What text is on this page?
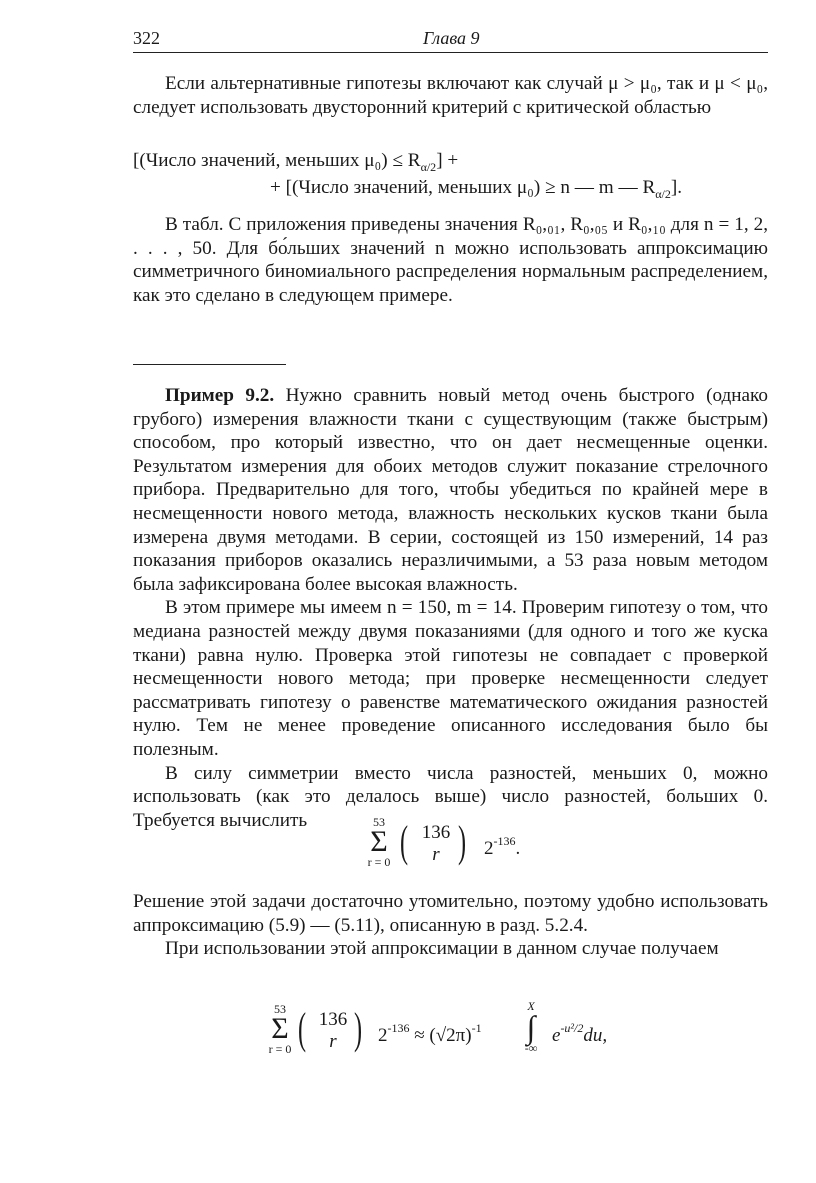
322	Глава 9

Если альтернативные гипотезы включают как случай μ > μ₀, так и μ < μ₀, следует использовать двусторонний критерий с критической областью

[(Число значений, меньших $\mu_0) \le R_{\alpha/2}$] +
+ [(Число значений, меньших μ₀) ≥ n — m — $R_{\alpha/2}$].

В табл. С приложения приведены значения R₀,₀₁, R₀,₀₅ и R₀,₁₀ для n = 1, 2, . . . , 50. Для бо́льших значений n можно использовать аппроксимацию симметричного биномиального распределения нормальным распределением, как это сделано в следующем примере.

Пример 9.2. Нужно сравнить новый метод очень быстрого (однако грубого) измерения влажности ткани с существующим (также быстрым) способом, про который известно, что он дает несмещенные оценки. Результатом измерения для обоих методов служит показание стрелочного прибора. Предварительно для того, чтобы убедиться по крайней мере в несмещенности нового метода, влажность нескольких кусков ткани была измерена двумя методами. В серии, состоящей из 150 измерений, 14 раз показания приборов оказались неразличимыми, а 53 раза новым методом была зафиксирована более высокая влажность.

В этом примере мы имеем n = 150, m = 14. Проверим гипотезу о том, что медиана разностей между двумя показаниями (для одного и того же куска ткани) равна нулю. Проверка этой гипотезы не совпадает с проверкой несмещенности нового метода; при проверке несмещенности следует рассматривать гипотезу о равенстве математического ожидания разностей нулю. Тем не менее проведение описанного исследования было бы полезным.

В силу симметрии вместо числа разностей, меньших 0, можно использовать (как это делалось выше) число разностей, больших 0. Требуется вычислить	53
Σ
r = 0 ( 136
r ) $2^{-136}$.

Решение этой задачи достаточно утомительно, поэтому удобно использовать аппроксимацию (5.9) — (5.11), описанную в разд. 5.2.4.

При использовании этой аппроксимации в данном случае получаем

53
Σ
r = 0 ( 136
r ) $2^{-136} \approx (√2\pi)^{-1}$
X
∫
-∞
$e^{-u^2/2}du$,
